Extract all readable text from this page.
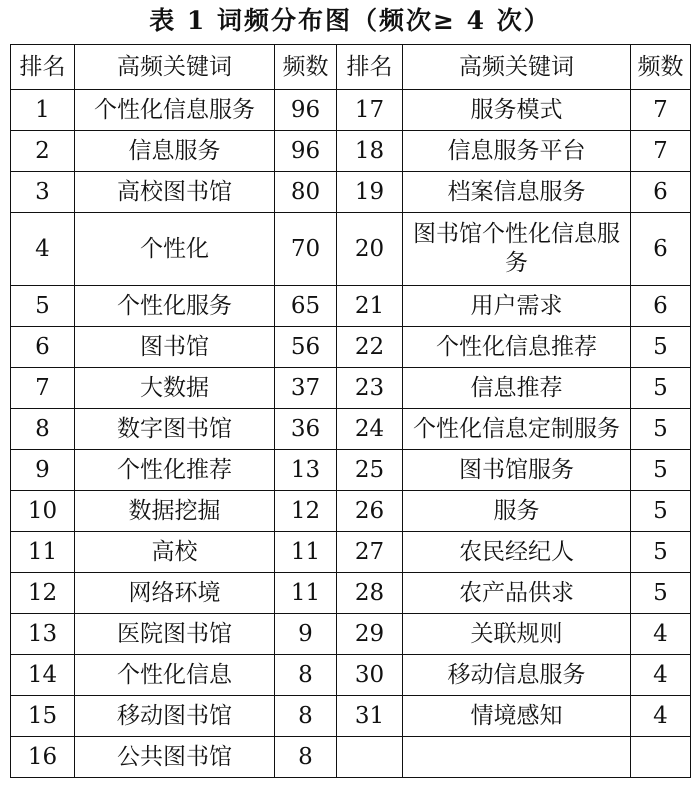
表 1 词频分布图（频次≥ 4 次）
排名	高频关键词	频数	排名	高频关键词	频数
1	个性化信息服务	96	17	服务模式	7
2	信息服务	96	18	信息服务平台	7
3	高校图书馆	80	19	档案信息服务	6
4	个性化	70	20	图书馆个性化信息服务	6
5	个性化服务	65	21	用户需求	6
6	图书馆	56	22	个性化信息推荐	5
7	大数据	37	23	信息推荐	5
8	数字图书馆	36	24	个性化信息定制服务	5
9	个性化推荐	13	25	图书馆服务	5
10	数据挖掘	12	26	服务	5
11	高校	11	27	农民经纪人	5
12	网络环境	11	28	农产品供求	5
13	医院图书馆	9	29	关联规则	4
14	个性化信息	8	30	移动信息服务	4
15	移动图书馆	8	31	情境感知	4
16	公共图书馆	8			
